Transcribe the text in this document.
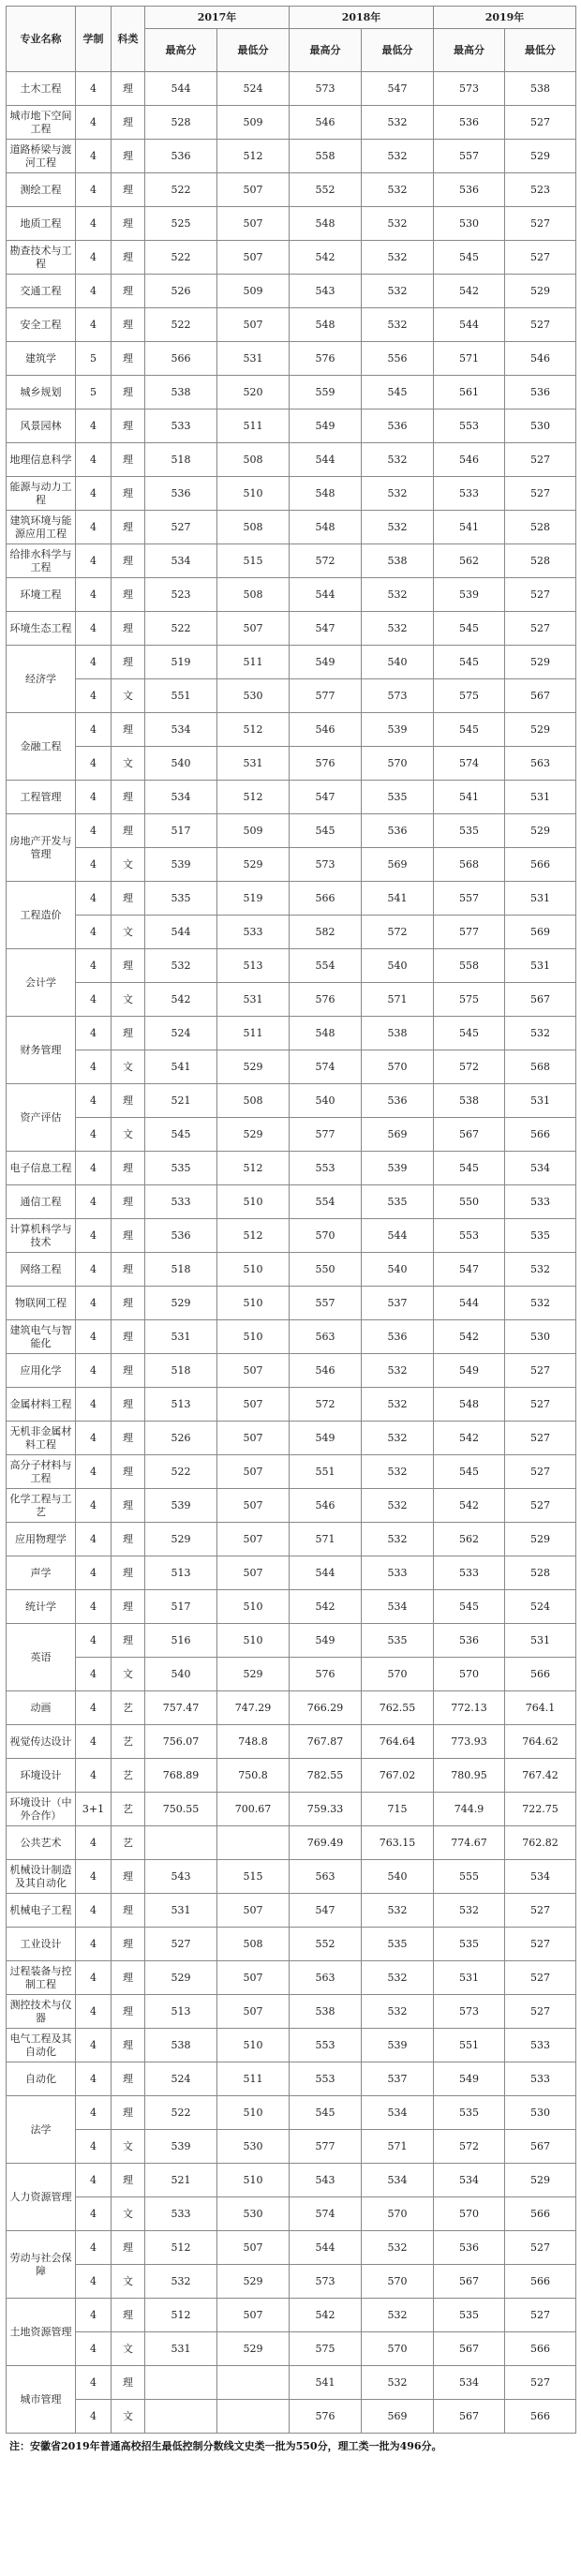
专业名称	学制	科类	2017年		2018年		2019年	
			最高分	最低分	最高分	最低分	最高分	最低分
土木工程	4	理	544	524	573	547	573	538
城市地下空间工程	4	理	528	509	546	532	536	527
道路桥梁与渡河工程	4	理	536	512	558	532	557	529
测绘工程	4	理	522	507	552	532	536	523
地质工程	4	理	525	507	548	532	530	527
勘查技术与工程	4	理	522	507	542	532	545	527
交通工程	4	理	526	509	543	532	542	529
安全工程	4	理	522	507	548	532	544	527
建筑学	5	理	566	531	576	556	571	546
城乡规划	5	理	538	520	559	545	561	536
风景园林	4	理	533	511	549	536	553	530
地理信息科学	4	理	518	508	544	532	546	527
能源与动力工程	4	理	536	510	548	532	533	527
建筑环境与能源应用工程	4	理	527	508	548	532	541	528
给排水科学与工程	4	理	534	515	572	538	562	528
环境工程	4	理	523	508	544	532	539	527
环境生态工程	4	理	522	507	547	532	545	527
经济学	4	理	519	511	549	540	545	529
	4	文	551	530	577	573	575	567
金融工程	4	理	534	512	546	539	545	529
	4	文	540	531	576	570	574	563
工程管理	4	理	534	512	547	535	541	531
房地产开发与管理	4	理	517	509	545	536	535	529
	4	文	539	529	573	569	568	566
工程造价	4	理	535	519	566	541	557	531
	4	文	544	533	582	572	577	569
会计学	4	理	532	513	554	540	558	531
	4	文	542	531	576	571	575	567
财务管理	4	理	524	511	548	538	545	532
	4	文	541	529	574	570	572	568
资产评估	4	理	521	508	540	536	538	531
	4	文	545	529	577	569	567	566
电子信息工程	4	理	535	512	553	539	545	534
通信工程	4	理	533	510	554	535	550	533
计算机科学与技术	4	理	536	512	570	544	553	535
网络工程	4	理	518	510	550	540	547	532
物联网工程	4	理	529	510	557	537	544	532
建筑电气与智能化	4	理	531	510	563	536	542	530
应用化学	4	理	518	507	546	532	549	527
金属材料工程	4	理	513	507	572	532	548	527
无机非金属材料工程	4	理	526	507	549	532	542	527
高分子材料与工程	4	理	522	507	551	532	545	527
化学工程与工艺	4	理	539	507	546	532	542	527
应用物理学	4	理	529	507	571	532	562	529
声学	4	理	513	507	544	533	533	528
统计学	4	理	517	510	542	534	545	524
英语	4	理	516	510	549	535	536	531
	4	文	540	529	576	570	570	566
动画	4	艺	757.47	747.29	766.29	762.55	772.13	764.1
视觉传达设计	4	艺	756.07	748.8	767.87	764.64	773.93	764.62
环境设计	4	艺	768.89	750.8	782.55	767.02	780.95	767.42
环境设计（中外合作）	3+1	艺	750.55	700.67	759.33	715	744.9	722.75
公共艺术	4	艺			769.49	763.15	774.67	762.82
机械设计制造及其自动化	4	理	543	515	563	540	555	534
机械电子工程	4	理	531	507	547	532	532	527
工业设计	4	理	527	508	552	535	535	527
过程装备与控制工程	4	理	529	507	563	532	531	527
测控技术与仪器	4	理	513	507	538	532	573	527
电气工程及其自动化	4	理	538	510	553	539	551	533
自动化	4	理	524	511	553	537	549	533
法学	4	理	522	510	545	534	535	530
	4	文	539	530	577	571	572	567
人力资源管理	4	理	521	510	543	534	534	529
	4	文	533	530	574	570	570	566
劳动与社会保障	4	理	512	507	544	532	536	527
	4	文	532	529	573	570	567	566
土地资源管理	4	理	512	507	542	532	535	527
	4	文	531	529	575	570	567	566
城市管理	4	理			541	532	534	527
	4	文			576	569	567	566
注：安徽省2019年普通高校招生最低控制分数线文史类一批为550分，理工类一批为496分。
